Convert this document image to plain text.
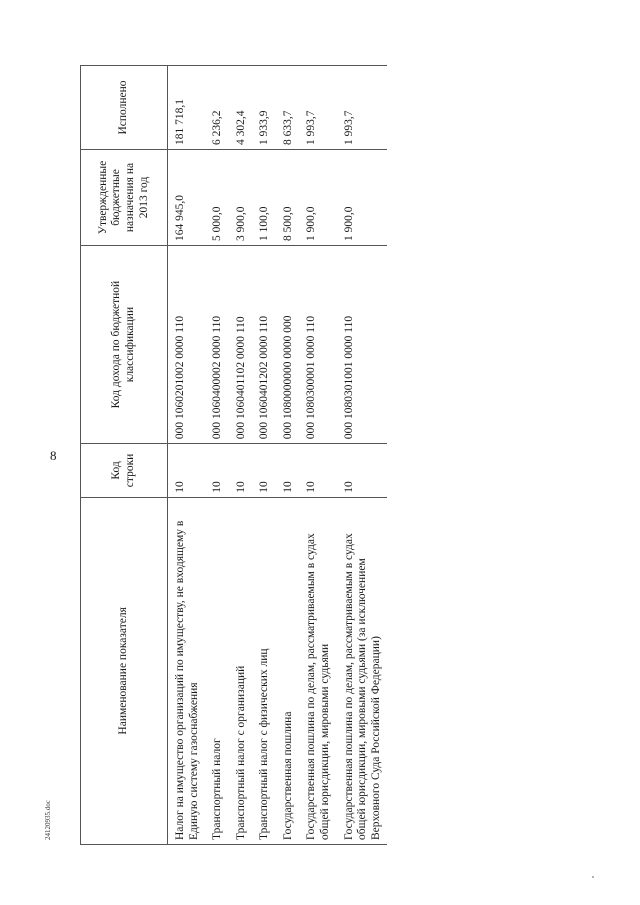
8
24120935.doc
Наименование показателя	Код строки	Код дохода по бюджетной классификации	Утвержденные бюджетные назначения на 2013 год	Исполнено
Налог на имущество организаций по имуществу, не входящему в Единую систему газоснабжения	10	000 1060201002 0000 110	164 945,0	181 718,1
Транспортный налог	10	000 1060400002 0000 110	5 000,0	6 236,2
Транспортный налог с организаций	10	000 1060401102 0000 110	3 900,0	4 302,4
Транспортный налог с физических лиц	10	000 1060401202 0000 110	1 100,0	1 933,9
Государственная пошлина	10	000 1080000000 0000 000	8 500,0	8 633,7
Государственная пошлина по делам, рассматриваемым в судах общей юрисдикции, мировыми судьями	10	000 1080300001 0000 110	1 900,0	1 993,7
Государственная пошлина по делам, рассматриваемым в судах общей юрисдикции, мировыми судьями (за исключением Верховного Суда Российской Федерации)	10	000 1080301001 0000 110	1 900,0	1 993,7
